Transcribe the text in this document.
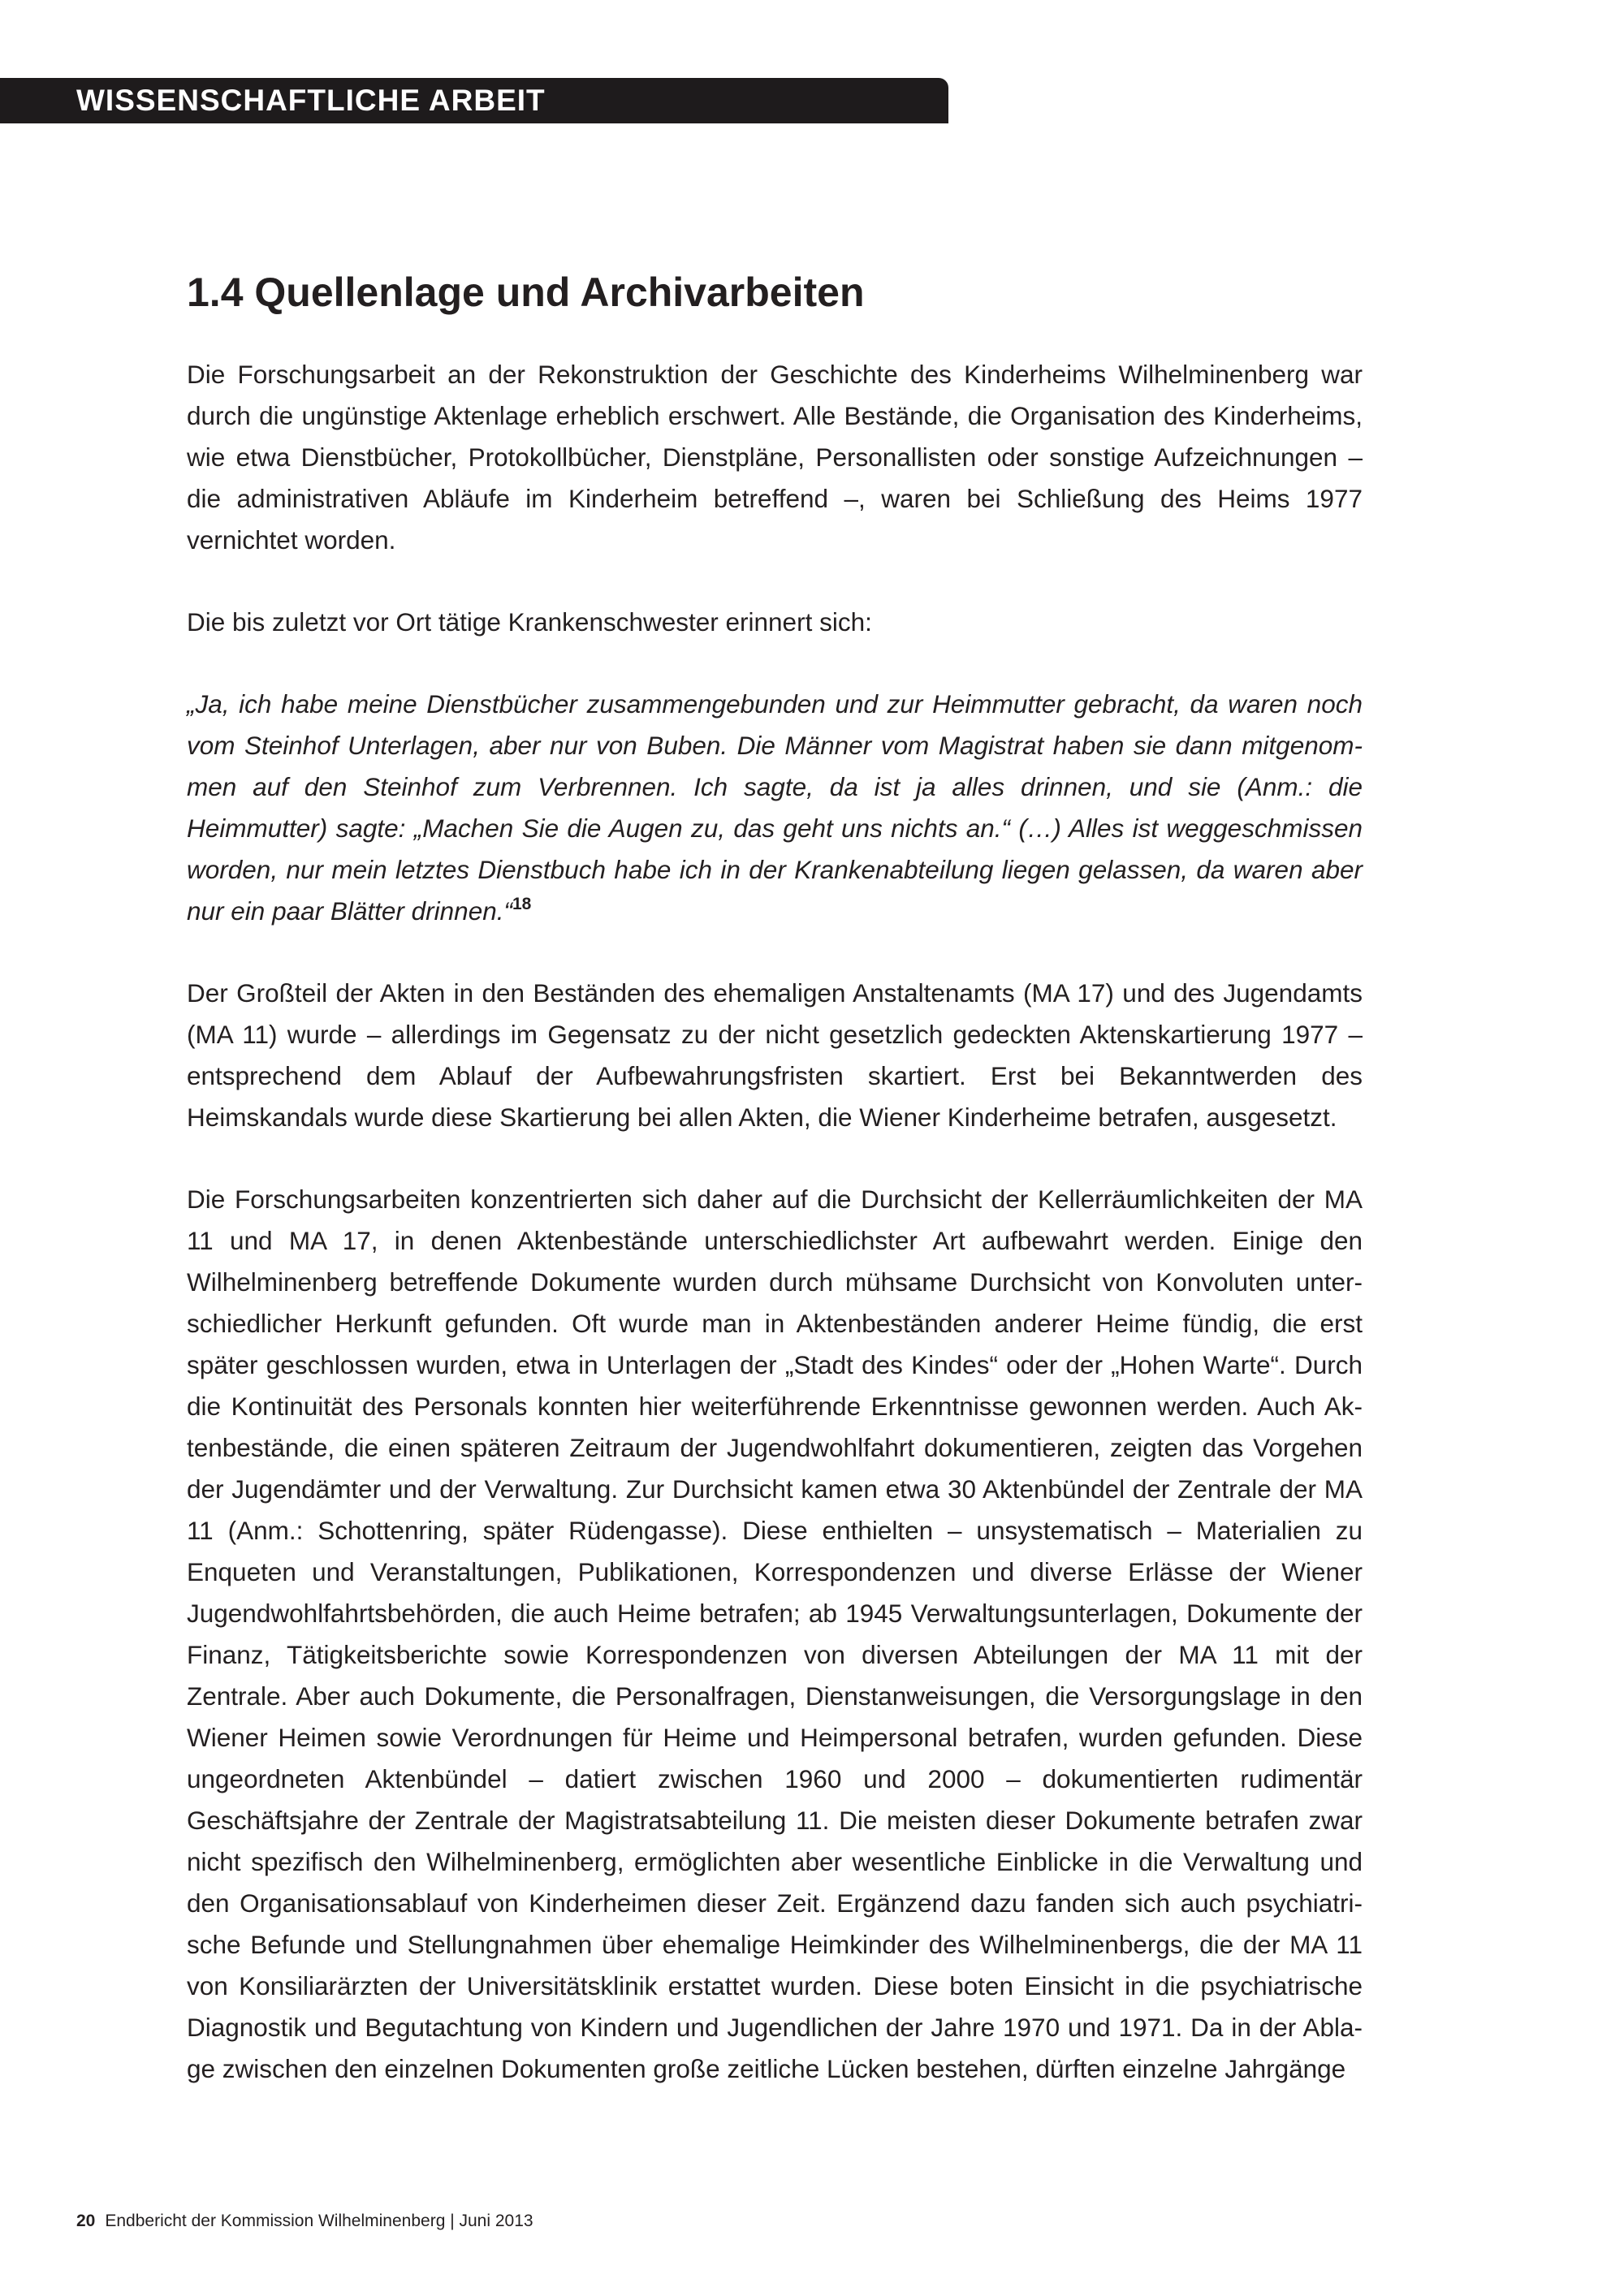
WISSENSCHAFTLICHE ARBEIT
1.4 Quellenlage und Archivarbeiten

Die Forschungsarbeit an der Rekonstruktion der Geschichte des Kinderheims Wilhelminenberg war durch die ungünstige Aktenlage erheblich erschwert. Alle Bestände, die Organisation des Kinderheims, wie etwa Dienstbücher, Protokollbücher, Dienstpläne, Personallisten oder sonstige Aufzeichnungen – die administrativen Abläufe im Kinderheim betreffend –, waren bei Schließung des Heims 1977 vernichtet worden.

Die bis zuletzt vor Ort tätige Krankenschwester erinnert sich:

„Ja, ich habe meine Dienstbücher zusammengebunden und zur Heimmutter gebracht, da waren noch vom Steinhof Unterlagen, aber nur von Buben. Die Männer vom Magistrat haben sie dann mitgenommen auf den Steinhof zum Verbrennen. Ich sagte, da ist ja alles drinnen, und sie (Anm.: die Heimmutter) sagte: „Machen Sie die Augen zu, das geht uns nichts an.“ (…) Alles ist weggeschmissen worden, nur mein letztes Dienstbuch habe ich in der Krankenabteilung liegen gelassen, da waren aber nur ein paar Blätter drinnen.“$^{18}$

Der Großteil der Akten in den Beständen des ehemaligen Anstaltenamts (MA 17) und des Jugendamts (MA 11) wurde – allerdings im Gegensatz zu der nicht gesetzlich gedeckten Aktenskartierung 1977 – entsprechend dem Ablauf der Aufbewahrungsfristen skartiert. Erst bei Bekanntwerden des Heimskandals wurde diese Skartierung bei allen Akten, die Wiener Kinderheime betrafen, ausgesetzt.

Die Forschungsarbeiten konzentrierten sich daher auf die Durchsicht der Kellerräumlichkeiten der MA 11 und MA 17, in denen Aktenbestände unterschiedlichster Art aufbewahrt werden. Einige den Wilhelminenberg betreffende Dokumente wurden durch mühsame Durchsicht von Konvoluten unterschiedlicher Herkunft gefunden. Oft wurde man in Aktenbeständen anderer Heime fündig, die erst später geschlossen wurden, etwa in Unterlagen der „Stadt des Kindes“ oder der „Hohen Warte“. Durch die Kontinuität des Personals konnten hier weiterführende Erkenntnisse gewonnen werden. Auch Aktenbestände, die einen späteren Zeitraum der Jugendwohlfahrt dokumentieren, zeigten das Vorgehen der Jugendämter und der Verwaltung. Zur Durchsicht kamen etwa 30 Aktenbündel der Zentrale der MA 11 (Anm.: Schottenring, später Rüdengasse). Diese enthielten – unsystematisch – Materialien zu Enqueten und Veranstaltungen, Publikationen, Korrespondenzen und diverse Erlässe der Wiener Jugendwohlfahrtsbehörden, die auch Heime betrafen; ab 1945 Verwaltungsunterlagen, Dokumente der Finanz, Tätigkeitsberichte sowie Korrespondenzen von diversen Abteilungen der MA 11 mit der Zentrale. Aber auch Dokumente, die Personalfragen, Dienstanweisungen, die Versorgungslage in den Wiener Heimen sowie Verordnungen für Heime und Heimpersonal betrafen, wurden gefunden. Diese ungeordneten Aktenbündel – datiert zwischen 1960 und 2000 – dokumentierten rudimentär Geschäftsjahre der Zentrale der Magistratsabteilung 11. Die meisten dieser Dokumente betrafen zwar nicht spezifisch den Wilhelminenberg, ermöglichten aber wesentliche Einblicke in die Verwaltung und den Organisationsablauf von Kinderheimen dieser Zeit. Ergänzend dazu fanden sich auch psychiatrische Befunde und Stellungnahmen über ehemalige Heimkinder des Wilhelminenbergs, die der MA 11 von Konsiliarärzten der Universitätsklinik erstattet wurden. Diese boten Einsicht in die psychiatrische Diagnostik und Begutachtung von Kindern und Jugendlichen der Jahre 1970 und 1971. Da in der Ablage zwischen den einzelnen Dokumenten große zeitliche Lücken bestehen, dürften einzelne Jahrgänge

20 Endbericht der Kommission Wilhelminenberg | Juni 2013
